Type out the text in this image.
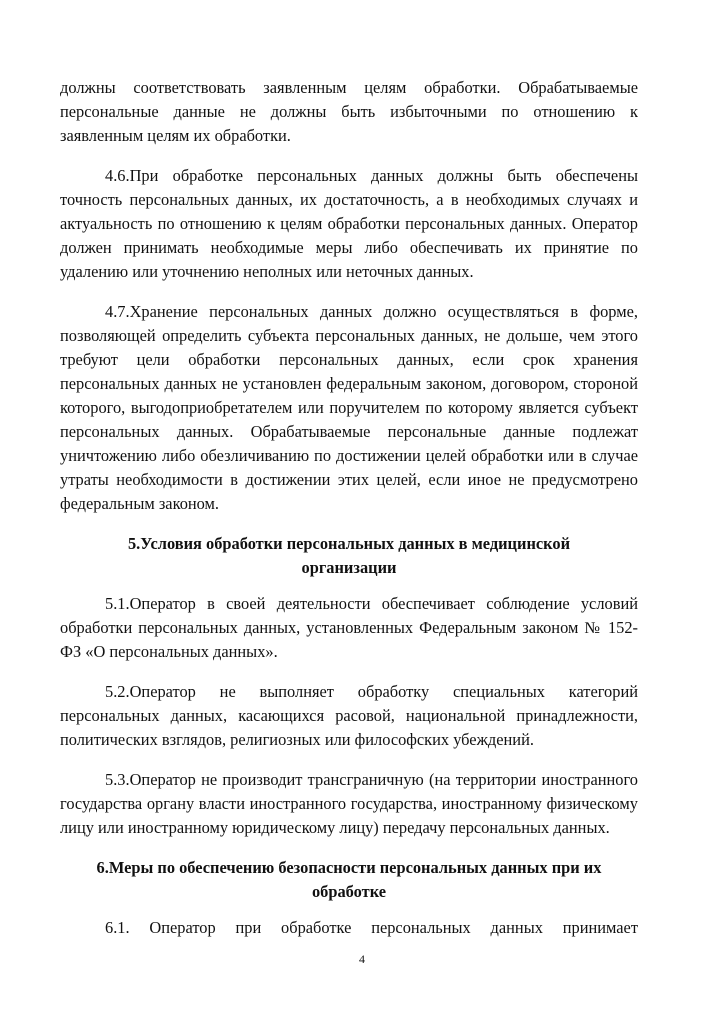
должны соответствовать заявленным целям обработки. Обрабатываемые персональные данные не должны быть избыточными по отношению к заявленным целям их обработки.

4.6.При обработке персональных данных должны быть обеспечены точность персональных данных, их достаточность, а в необходимых случаях и актуальность по отношению к целям обработки персональных данных. Оператор должен принимать необходимые меры либо обеспечивать их принятие по удалению или уточнению неполных или неточных данных.

4.7.Хранение персональных данных должно осуществляться в форме, позволяющей определить субъекта персональных данных, не дольше, чем этого требуют цели обработки персональных данных, если срок хранения персональных данных не установлен федеральным законом, договором, стороной которого, выгодоприобретателем или поручителем по которому является субъект персональных данных. Обрабатываемые персональные данные подлежат уничтожению либо обезличиванию по достижении целей обработки или в случае утраты необходимости в достижении этих целей, если иное не предусмотрено федеральным законом.

5.Условия обработки персональных данных в медицинской организации

5.1.Оператор в своей деятельности обеспечивает соблюдение условий обработки персональных данных, установленных Федеральным законом № 152-ФЗ «О персональных данных».

5.2.Оператор не выполняет обработку специальных категорий персональных данных, касающихся расовой, национальной принадлежности, политических взглядов, религиозных или философских убеждений.

5.3.Оператор не производит трансграничную (на территории иностранного государства органу власти иностранного государства, иностранному физическому лицу или иностранному юридическому лицу) передачу персональных данных.

6.Меры по обеспечению безопасности персональных данных при их обработке

6.1. Оператор при обработке персональных данных принимает

4
